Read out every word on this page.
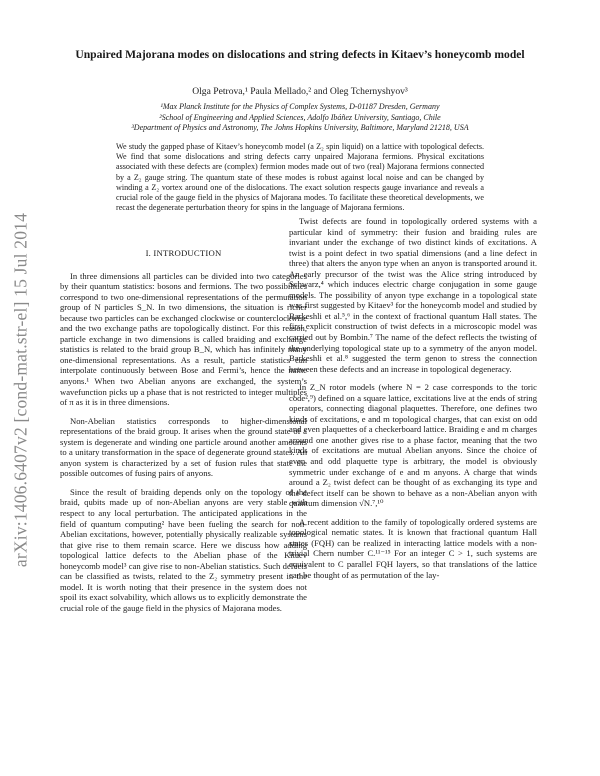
arXiv:1406.6407v2 [cond-mat.str-el] 15 Jul 2014
Unpaired Majorana modes on dislocations and string defects in Kitaev’s honeycomb model
Olga Petrova,¹ Paula Mellado,² and Oleg Tchernyshyov³
¹Max Planck Institute for the Physics of Complex Systems, D-01187 Dresden, Germany
²School of Engineering and Applied Sciences, Adolfo Ibáñez University, Santiago, Chile
³Department of Physics and Astronomy, The Johns Hopkins University, Baltimore, Maryland 21218, USA

We study the gapped phase of Kitaev’s honeycomb model (a Z₂ spin liquid) on a lattice with topological defects. We find that some dislocations and string defects carry unpaired Majorana fermions. Physical excitations associated with these defects are (complex) fermion modes made out of two (real) Majorana fermions connected by a Z₂ gauge string. The quantum state of these modes is robust against local noise and can be changed by winding a Z₂ vortex around one of the dislocations. The exact solution respects gauge invariance and reveals a crucial role of the gauge field in the physics of Majorana modes. To facilitate these theoretical developments, we recast the degenerate perturbation theory for spins in the language of Majorana fermions.

I. INTRODUCTION

In three dimensions all particles can be divided into two categories by their quantum statistics: bosons and fermions. The two possibilities correspond to two one-dimensional representations of the permutation group of N particles S_N. In two dimensions, the situation is richer because two particles can be exchanged clockwise or counterclockwise and the two exchange paths are topologically distinct. For this reason, particle exchange in two dimensions is called braiding and exchange statistics is related to the braid group B_N, which has infinitely many one-dimensional representations. As a result, particle statistics can interpolate continuously between Bose and Fermi’s, hence the name anyons.¹ When two Abelian anyons are exchanged, the system’s wavefunction picks up a phase that is not restricted to integer multiples of π as it is in three dimensions.

Non-Abelian statistics corresponds to higher-dimensional representations of the braid group. It arises when the ground state of a system is degenerate and winding one particle around another amounts to a unitary transformation in the space of degenerate ground states. An anyon system is characterized by a set of fusion rules that state the possible outcomes of fusing pairs of anyons.

Since the result of braiding depends only on the topology of the braid, qubits made up of non-Abelian anyons are very stable with respect to any local perturbation. The anticipated applications in the field of quantum computing² have been fueling the search for non-Abelian excitations, however, potentially physically realizable systems that give rise to them remain scarce. Here we discuss how adding topological lattice defects to the Abelian phase of the Kitaev honeycomb model³ can give rise to non-Abelian statistics. Such defects can be classified as twists, related to the Z₂ symmetry present in the model. It is worth noting that their presence in the system does not spoil its exact solvability, which allows us to explicitly demonstrate the crucial role of the gauge field in the physics of Majorana modes.

Twist defects are found in topologically ordered systems with a particular kind of symmetry: their fusion and braiding rules are invariant under the exchange of two distinct kinds of excitations. A twist is a point defect in two spatial dimensions (and a line defect in three) that alters the anyon type when an anyon is transported around it. An early precursor of the twist was the Alice string introduced by Schwarz,⁴ which induces electric charge conjugation in some gauge models. The possibility of anyon type exchange in a topological state was first suggested by Kitaev³ for the honeycomb model and studied by Barkeshli et al.⁵,⁶ in the context of fractional quantum Hall states. The first explicit construction of twist defects in a microscopic model was carried out by Bombin.⁷ The name of the defect reflects the twisting of the underlying topological state up to a symmetry of the anyon model. Barkeshli et al.⁸ suggested the term genon to stress the connection between these defects and an increase in topological degeneracy.

In Z_N rotor models (where N = 2 case corresponds to the toric code²,⁹) defined on a square lattice, excitations live at the ends of string operators, connecting diagonal plaquettes. Therefore, one defines two kinds of excitations, e and m topological charges, that can exist on odd and even plaquettes of a checkerboard lattice. Braiding e and m charges around one another gives rise to a phase factor, meaning that the two kinds of excitations are mutual Abelian anyons. Since the choice of even and odd plaquette type is arbitrary, the model is obviously symmetric under exchange of e and m anyons. A charge that winds around a Z₂ twist defect can be thought of as exchanging its type and the defect itself can be shown to behave as a non-Abelian anyon with quantum dimension √N.⁷,¹⁰

A recent addition to the family of topologically ordered systems are topological nematic states. It is known that fractional quantum Hall states (FQH) can be realized in interacting lattice models with a non-trivial Chern number C.¹¹⁻¹⁵ For an integer C > 1, such systems are equivalent to C parallel FQH layers, so that translations of the lattice can be thought of as permutation of the lay-
